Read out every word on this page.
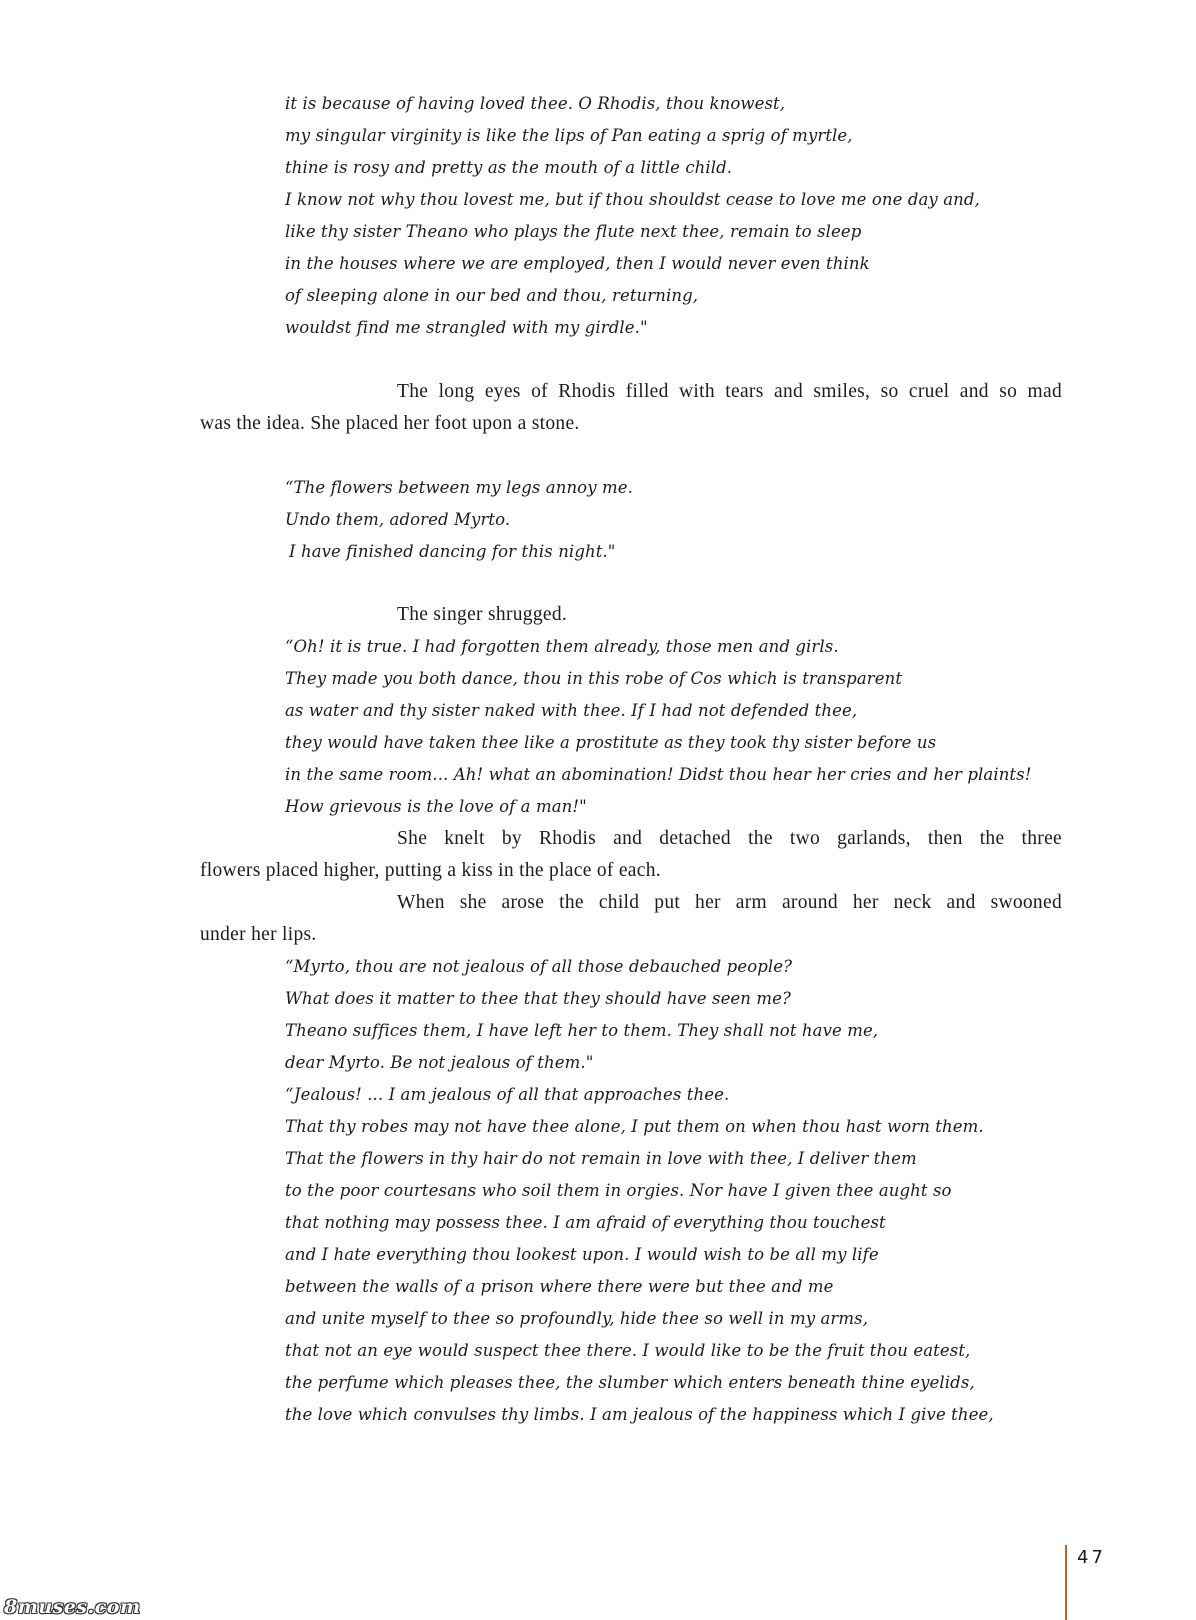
it is because of having loved thee. O Rhodis, thou knowest,
my singular virginity is like the lips of Pan eating a sprig of myrtle,
thine is rosy and pretty as the mouth of a little child.
I know not why thou lovest me, but if thou shouldst cease to love me one day and,
like thy sister Theano who plays the flute next thee, remain to sleep
in the houses where we are employed, then I would never even think
of sleeping alone in our bed and thou, returning,
wouldst find me strangled with my girdle."
The long eyes of Rhodis filled with tears and smiles, so cruel and so mad
was the idea. She placed her foot upon a stone.
“The flowers between my legs annoy me.
Undo them, adored Myrto.
I have finished dancing for this night."
The singer shrugged.
“Oh! it is true. I had forgotten them already, those men and girls.
They made you both dance, thou in this robe of Cos which is transparent
as water and thy sister naked with thee. If I had not defended thee,
they would have taken thee like a prostitute as they took thy sister before us
in the same room... Ah! what an abomination! Didst thou hear her cries and her plaints!
How grievous is the love of a man!"
She knelt by Rhodis and detached the two garlands, then the three
flowers placed higher, putting a kiss in the place of each.
When she arose the child put her arm around her neck and swooned
under her lips.
“Myrto, thou are not jealous of all those debauched people?
What does it matter to thee that they should have seen me?
Theano suffices them, I have left her to them. They shall not have me,
dear Myrto. Be not jealous of them."
“Jealous! ... I am jealous of all that approaches thee.
That thy robes may not have thee alone, I put them on when thou hast worn them.
That the flowers in thy hair do not remain in love with thee, I deliver them
to the poor courtesans who soil them in orgies. Nor have I given thee aught so
that nothing may possess thee. I am afraid of everything thou touchest
and I hate everything thou lookest upon. I would wish to be all my life
between the walls of a prison where there were but thee and me
and unite myself to thee so profoundly, hide thee so well in my arms,
that not an eye would suspect thee there. I would like to be the fruit thou eatest,
the perfume which pleases thee, the slumber which enters beneath thine eyelids,
the love which convulses thy limbs. I am jealous of the happiness which I give thee,
47
8muses.com
